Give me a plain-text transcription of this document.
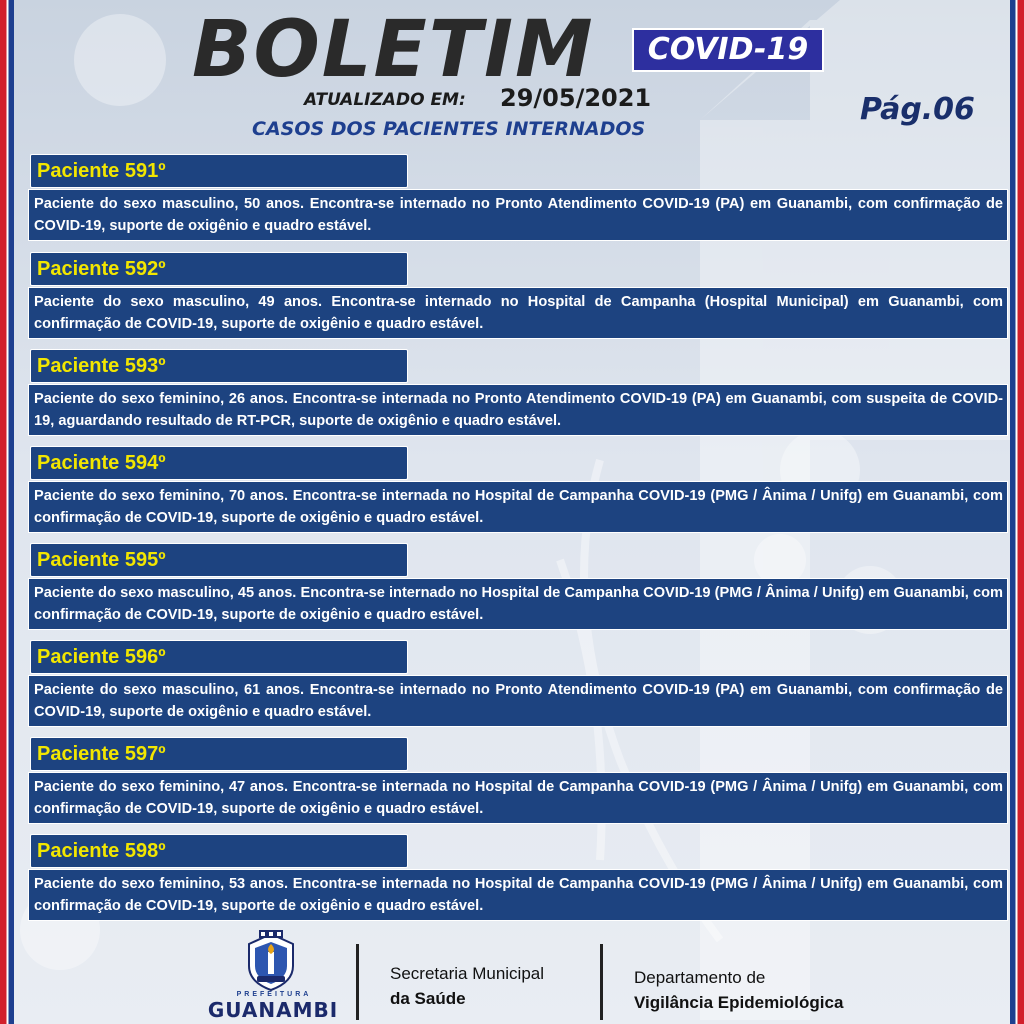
BOLETIM	COVID-19
ATUALIZADO EM: 29/05/2021
CASOS DOS PACIENTES INTERNADOS
Pág.06
Paciente 591º
Paciente do sexo masculino, 50 anos. Encontra-se internado no Pronto Atendimento COVID-19 (PA) em Guanambi, com confirmação de COVID-19, suporte de oxigênio e quadro estável.
Paciente 592º
Paciente do sexo masculino, 49 anos. Encontra-se internado no Hospital de Campanha (Hospital Municipal) em Guanambi, com confirmação de COVID-19, suporte de oxigênio e quadro estável.
Paciente 593º
Paciente do sexo feminino, 26 anos. Encontra-se internada no Pronto Atendimento COVID-19 (PA) em Guanambi, com suspeita de COVID-19, aguardando resultado de RT-PCR, suporte de oxigênio e quadro estável.
Paciente 594º
Paciente do sexo feminino, 70 anos. Encontra-se internada no Hospital de Campanha COVID-19 (PMG / Ânima / Unifg) em Guanambi, com confirmação de COVID-19, suporte de oxigênio e quadro estável.
Paciente 595º
Paciente do sexo masculino, 45 anos. Encontra-se internado no Hospital de Campanha COVID-19 (PMG / Ânima / Unifg) em Guanambi, com confirmação de COVID-19, suporte de oxigênio e quadro estável.
Paciente 596º
Paciente do sexo masculino, 61 anos. Encontra-se internado no Pronto Atendimento COVID-19 (PA) em Guanambi, com confirmação de COVID-19, suporte de oxigênio e quadro estável.
Paciente 597º
Paciente do sexo feminino, 47 anos. Encontra-se internada no Hospital de Campanha COVID-19 (PMG / Ânima / Unifg) em Guanambi, com confirmação de COVID-19, suporte de oxigênio e quadro estável.
Paciente 598º
Paciente do sexo feminino, 53 anos. Encontra-se internada no Hospital de Campanha COVID-19 (PMG / Ânima / Unifg) em Guanambi, com confirmação de COVID-19, suporte de oxigênio e quadro estável.
PREFEITURA
GUANAMBI
Secretaria Municipal
da Saúde
Departamento de
Vigilância Epidemiológica
